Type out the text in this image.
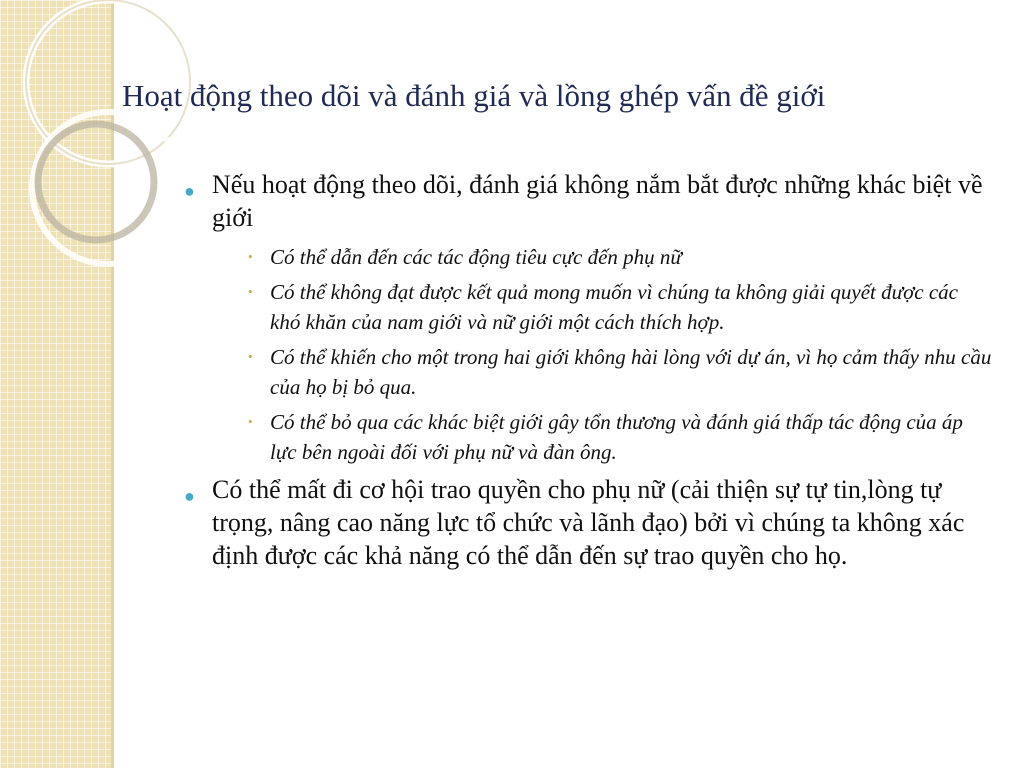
Hoạt động theo dõi và đánh giá và lồng ghép vấn đề giới
● Nếu hoạt động theo dõi, đánh giá không nắm bắt được những khác biệt về giới
• Có thể dẫn đến các tác động tiêu cực đến phụ nữ
• Có thể không đạt được kết quả mong muốn vì chúng ta không giải quyết được các khó khăn của nam giới và nữ giới một cách thích hợp.
• Có thể khiến cho một trong hai giới không hài lòng với dự án, vì họ cảm thấy nhu cầu của họ bị bỏ qua.
• Có thể bỏ qua các khác biệt giới gây tổn thương và đánh giá thấp tác động của áp lực bên ngoài đối với phụ nữ và đàn ông.
● Có thể mất đi cơ hội trao quyền cho phụ nữ (cải thiện sự tự tin,lòng tự trọng, nâng cao năng lực tổ chức và lãnh đạo) bởi vì chúng ta không xác định được các khả năng có thể dẫn đến sự trao quyền cho họ.
